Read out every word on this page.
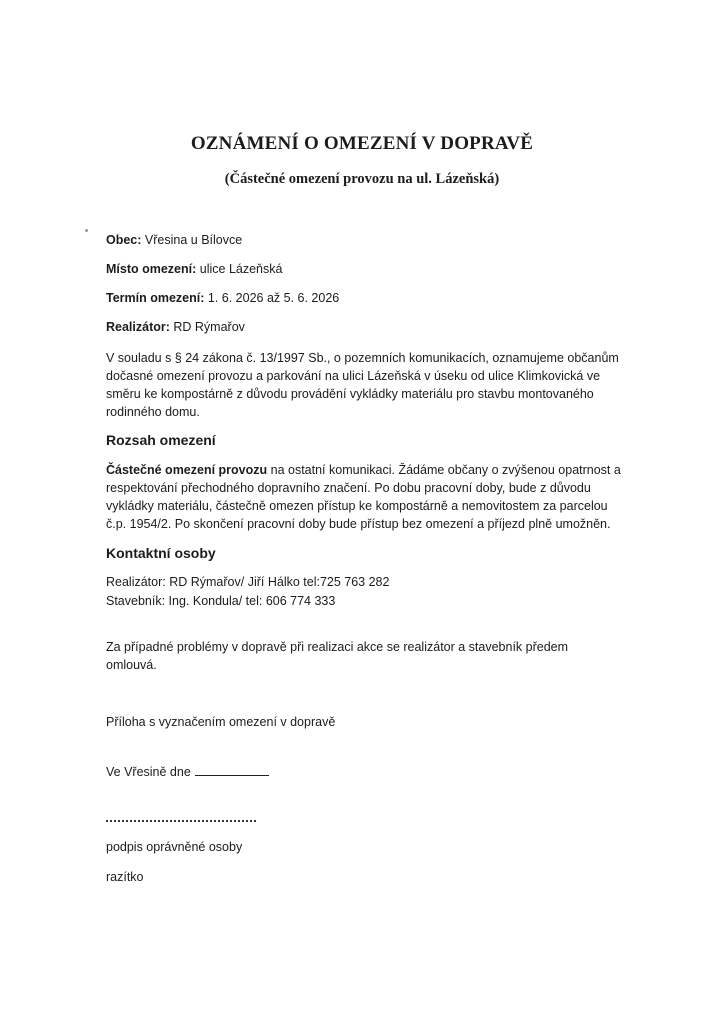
OZNÁMENÍ O OMEZENÍ V DOPRAVĚ
(Částečné omezení provozu na ul. Lázeňská)
Obec: Vřesina u Bílovce
Místo omezení: ulice Lázeňská
Termín omezení: 1. 6. 2026 až 5. 6. 2026
Realizátor: RD Rýmařov
V souladu s § 24 zákona č. 13/1997 Sb., o pozemních komunikacích, oznamujeme občanům
dočasné omezení provozu a parkování na ulici Lázeňská v úseku od ulice Klimkovická ve
směru ke kompostárně z důvodu provádění vykládky materiálu pro stavbu montovaného
rodinného domu.
Rozsah omezení
Částečné omezení provozu na ostatní komunikaci. Žádáme občany o zvýšenou opatrnost a
respektování přechodného dopravního značení. Po dobu pracovní doby, bude z důvodu
vykládky materiálu, částečně omezen přístup ke kompostárně a nemovitostem za parcelou
č.p. 1954/2. Po skončení pracovní doby bude přístup bez omezení a příjezd plně umožněn.
Kontaktní osoby
Realizátor: RD Rýmařov/ Jiří Hálko tel:725 763 282
Stavebník: Ing. Kondula/ tel: 606 774 333
Za případné problémy v dopravě při realizaci akce se realizátor a stavebník předem
omlouvá.
Příloha s vyznačením omezení v dopravě
Ve Vřesině dne
podpis oprávněné osoby
razítko
